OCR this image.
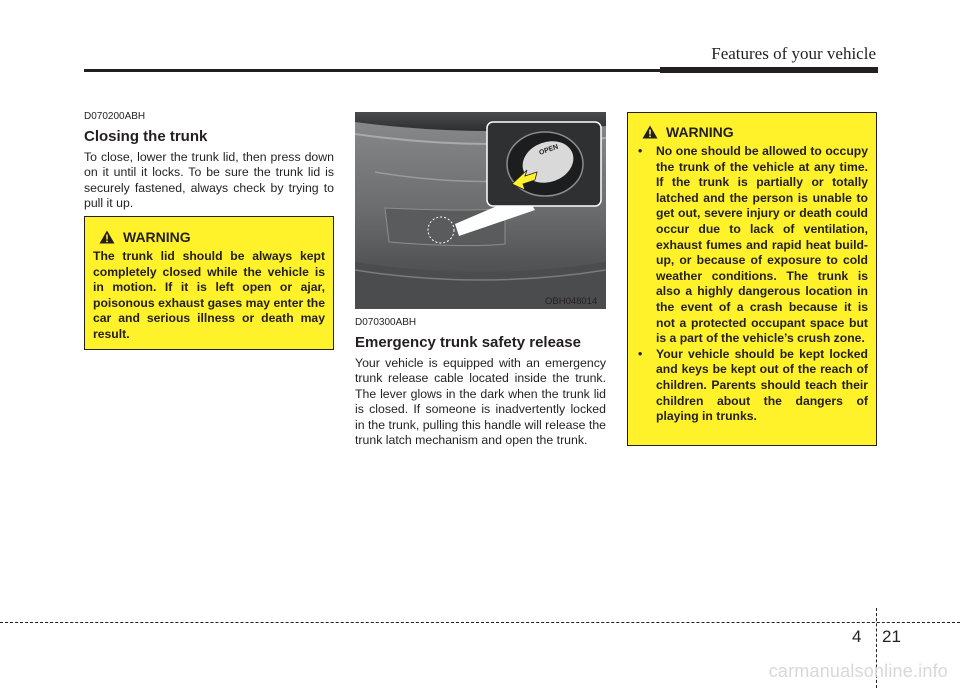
Features of your vehicle
D070200ABH
Closing the trunk
To close, lower the trunk lid, then press down on it until it locks. To be sure the trunk lid is securely fastened, always check by trying to pull it up.
WARNING
The trunk lid should be always kept completely closed while the vehicle is in motion. If it is left open or ajar, poisonous exhaust gases may enter the car and serious illness or death may result.
OPEN
OBH048014
D070300ABH
Emergency trunk safety release
Your vehicle is equipped with an emergency trunk release cable located inside the trunk. The lever glows in the dark when the trunk lid is closed. If someone is inadvertently locked in the trunk, pulling this handle will release the trunk latch mechanism and open the trunk.
WARNING
• No one should be allowed to occupy the trunk of the vehicle at any time. If the trunk is partially or totally latched and the person is unable to get out, severe injury or death could occur due to lack of ventilation, exhaust fumes and rapid heat build-up, or because of exposure to cold weather conditions. The trunk is also a highly dangerous location in the event of a crash because it is not a protected occupant space but is a part of the vehicle’s crush zone.
• Your vehicle should be kept locked and keys be kept out of the reach of children. Parents should teach their children about the dangers of playing in trunks.
4 21
carmanualsonline.info
